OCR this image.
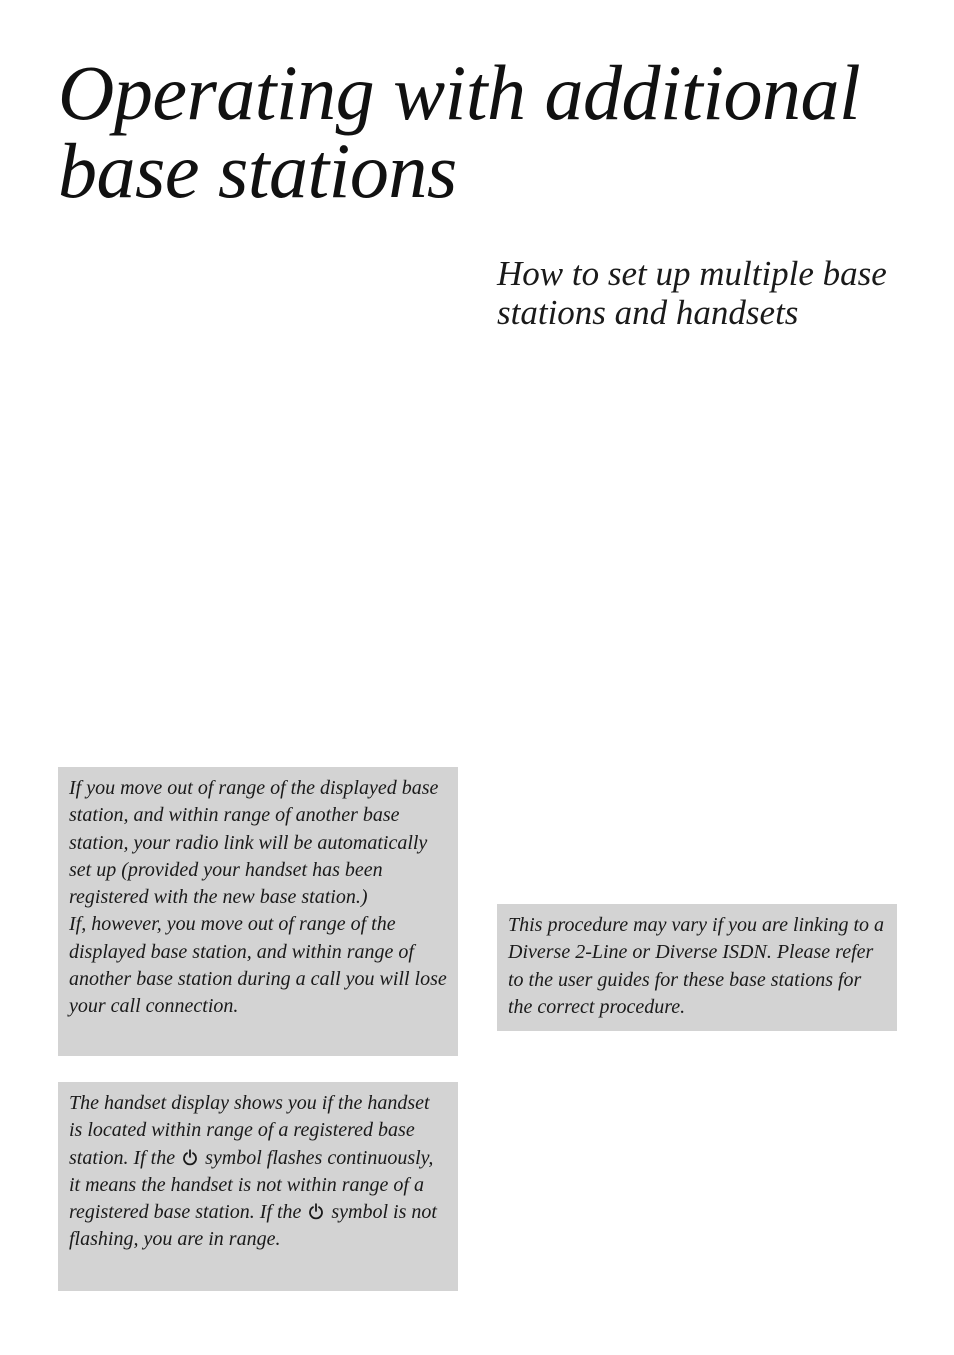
Operating with additional
base stations
How to set up multiple base
stations and handsets

If you move out of range of the displayed base station, and within range of another base station, your radio link will be automatically set up (provided your handset has been registered with the new base station.)

If, however, you move out of range of the displayed base station, and within range of another base station during a call you will lose your call connection.

The handset display shows you if the handset is located within range of a registered base station. If the symbol flashes continuously, it means the handset is not within range of a registered base station. If the symbol is not flashing, you are in range.

This procedure may vary if you are linking to a Diverse 2-Line or Diverse ISDN. Please refer to the user guides for these base stations for the correct procedure.
